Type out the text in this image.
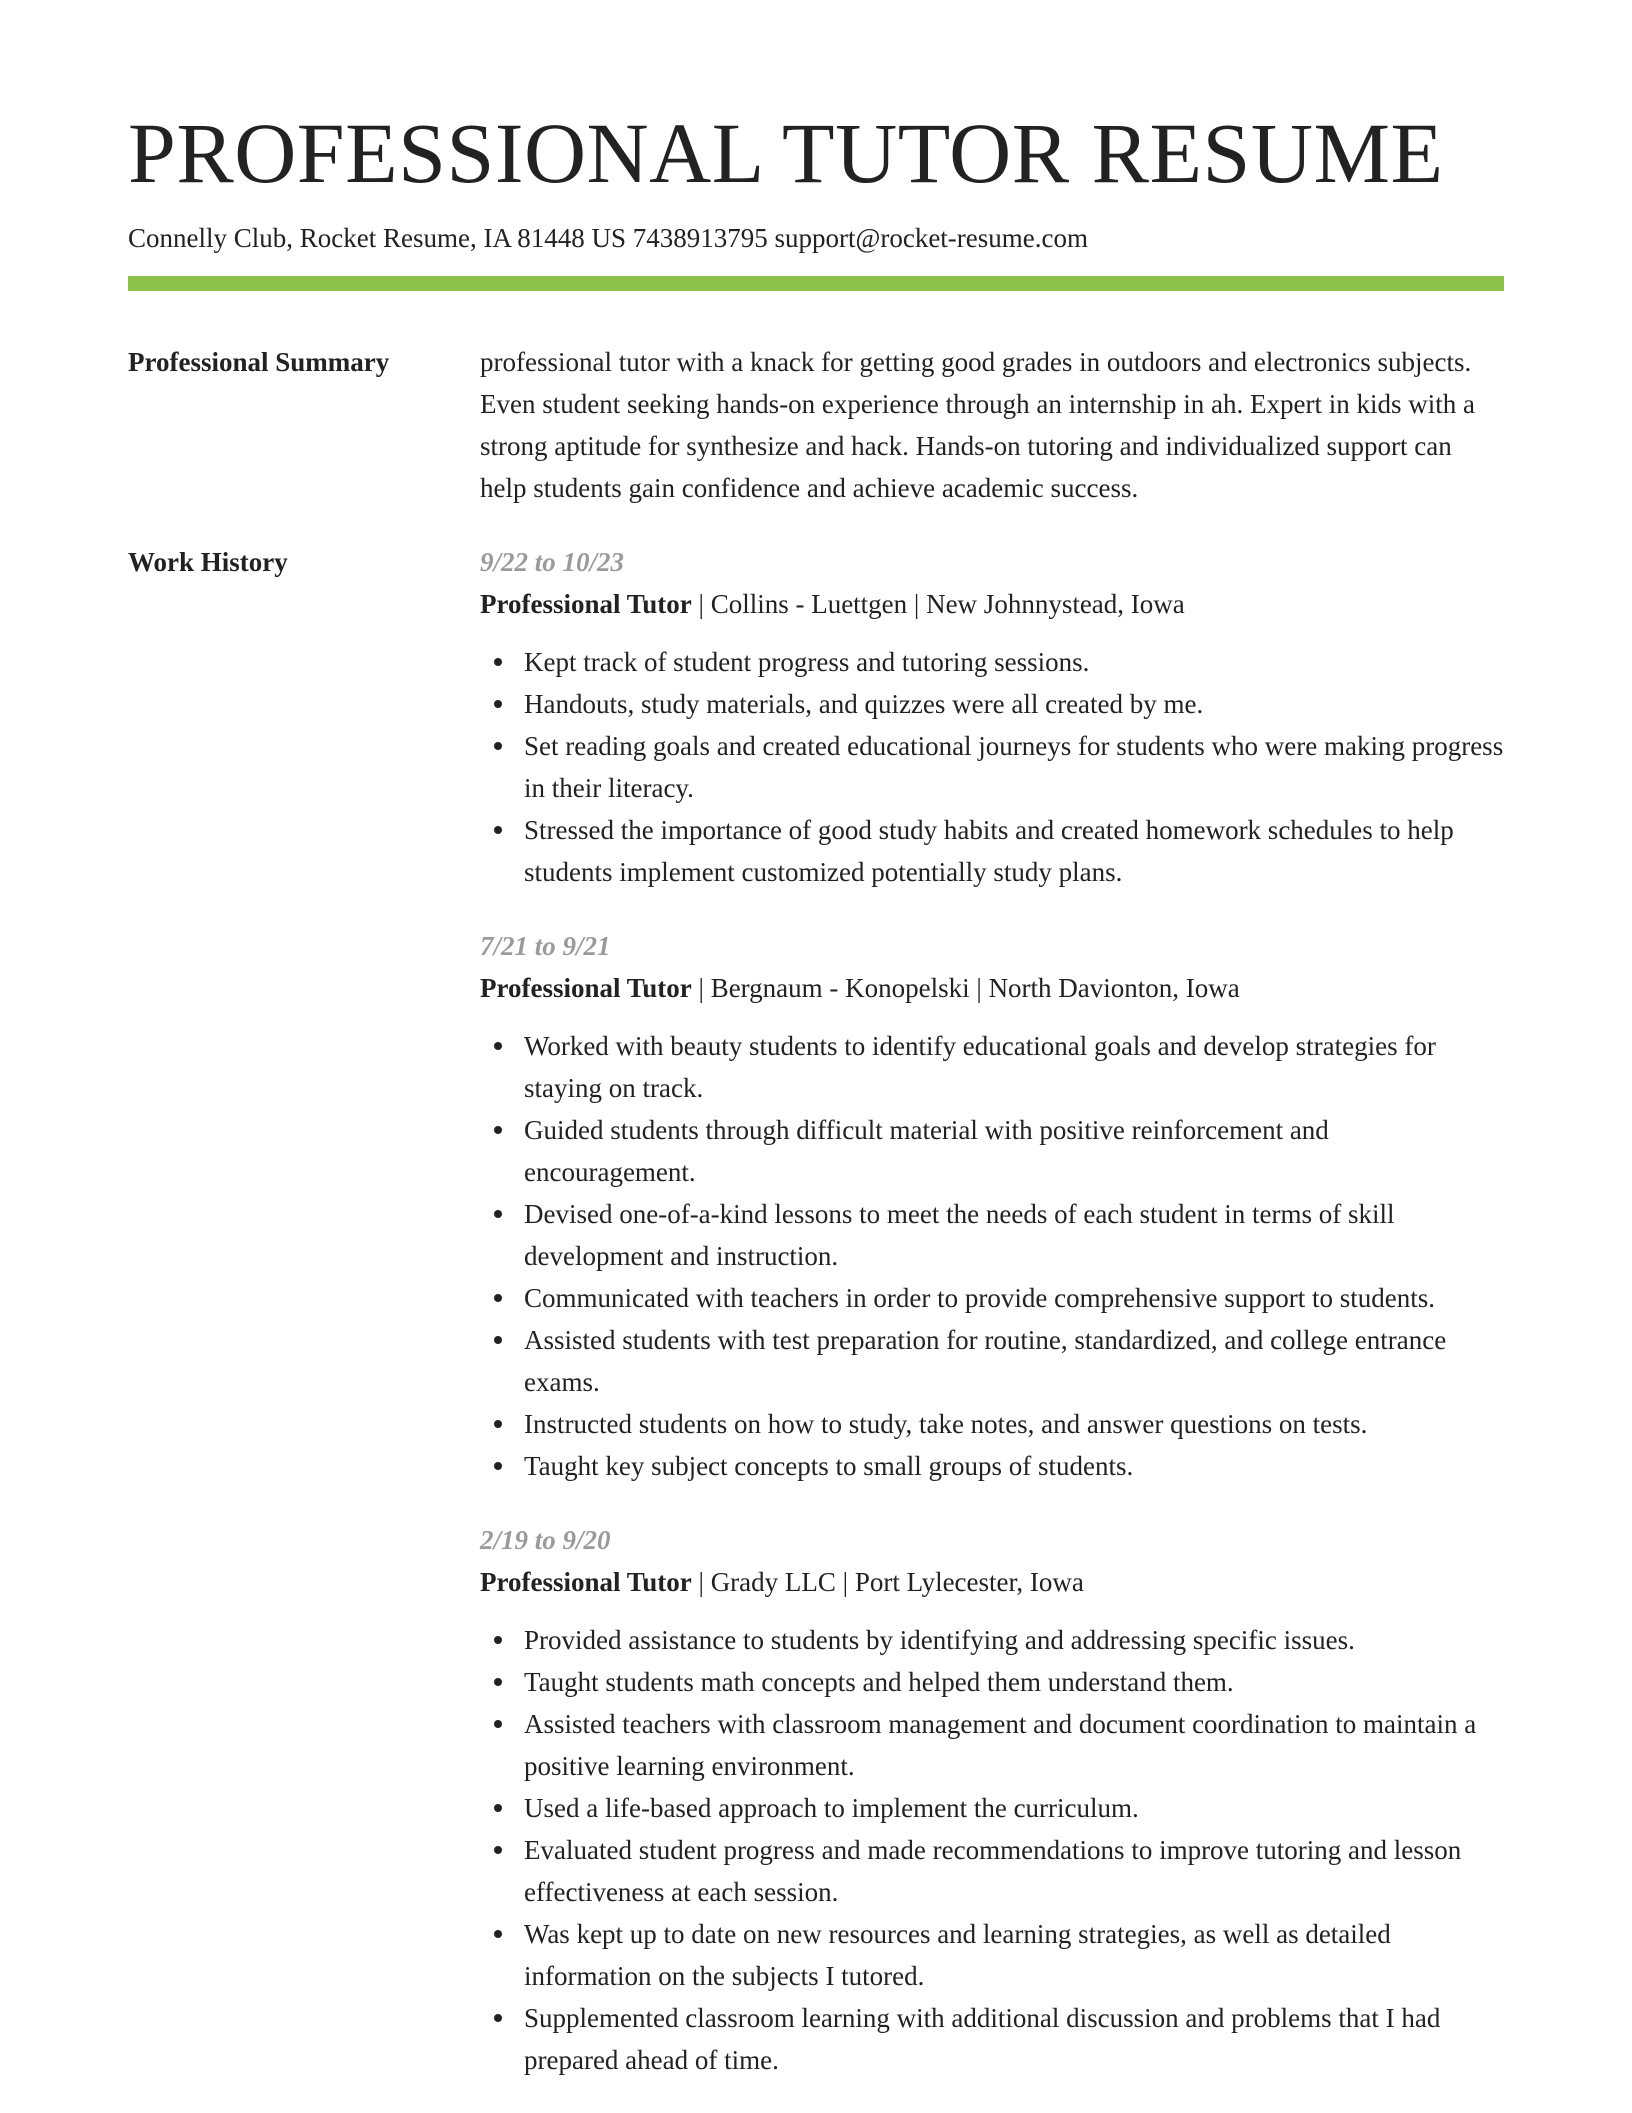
PROFESSIONAL TUTOR RESUME
Connelly Club, Rocket Resume, IA 81448 US 7438913795 support@rocket-resume.com
Professional Summary	professional tutor with a knack for getting good grades in outdoors and electronics subjects. Even student seeking hands-on experience through an internship in ah. Expert in kids with a strong aptitude for synthesize and hack. Hands-on tutoring and individualized support can help students gain confidence and achieve academic success.
Work History	9/22 to 10/23
Professional Tutor | Collins - Luettgen | New Johnnystead, Iowa
Kept track of student progress and tutoring sessions.
Handouts, study materials, and quizzes were all created by me.
Set reading goals and created educational journeys for students who were making progress in their literacy.
Stressed the importance of good study habits and created homework schedules to help students implement customized potentially study plans.
7/21 to 9/21
Professional Tutor | Bergnaum - Konopelski | North Davionton, Iowa
Worked with beauty students to identify educational goals and develop strategies for staying on track.
Guided students through difficult material with positive reinforcement and encouragement.
Devised one-of-a-kind lessons to meet the needs of each student in terms of skill development and instruction.
Communicated with teachers in order to provide comprehensive support to students.
Assisted students with test preparation for routine, standardized, and college entrance exams.
Instructed students on how to study, take notes, and answer questions on tests.
Taught key subject concepts to small groups of students.
2/19 to 9/20
Professional Tutor | Grady LLC | Port Lylecester, Iowa
Provided assistance to students by identifying and addressing specific issues.
Taught students math concepts and helped them understand them.
Assisted teachers with classroom management and document coordination to maintain a positive learning environment.
Used a life-based approach to implement the curriculum.
Evaluated student progress and made recommendations to improve tutoring and lesson effectiveness at each session.
Was kept up to date on new resources and learning strategies, as well as detailed information on the subjects I tutored.
Supplemented classroom learning with additional discussion and problems that I had prepared ahead of time.
